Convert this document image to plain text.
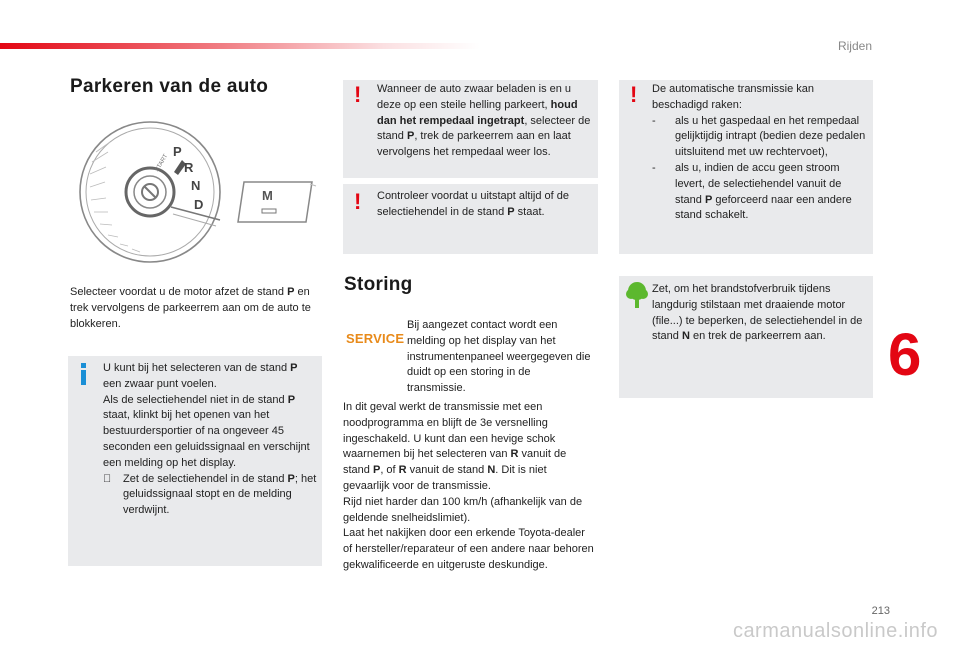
Rijden
Parkeren van de auto
START
P
R
N
D
M
Selecteer voordat u de motor afzet de stand P en trek vervolgens de parkeerrem aan om de auto te blokkeren.
U kunt bij het selecteren van de stand P een zwaar punt voelen.
Als de selectiehendel niet in de stand P staat, klinkt bij het openen van het bestuurdersportier of na ongeveer 45 seconden een geluidssignaal en verschijnt een melding op het display.
Zet de selectiehendel in de stand P; het geluidssignaal stopt en de melding verdwijnt.
! Wanneer de auto zwaar beladen is en u deze op een steile helling parkeert, houd dan het rempedaal ingetrapt, selecteer de stand P, trek de parkeerrem aan en laat vervolgens het rempedaal weer los.
! Controleer voordat u uitstapt altijd of de selectiehendel in de stand P staat.
Storing
SERVICE
Bij aangezet contact wordt een melding op het display van het instrumentenpaneel weergegeven die duidt op een storing in de transmissie.
In dit geval werkt de transmissie met een noodprogramma en blijft de 3e versnelling ingeschakeld. U kunt dan een hevige schok waarnemen bij het selecteren van R vanuit de stand P, of R vanuit de stand N. Dit is niet gevaarlijk voor de transmissie.
Rijd niet harder dan 100 km/h (afhankelijk van de geldende snelheidslimiet).
Laat het nakijken door een erkende Toyota-dealer of hersteller/reparateur of een andere naar behoren gekwalificeerde en uitgeruste deskundige.
! De automatische transmissie kan beschadigd raken:
-	als u het gaspedaal en het rempedaal gelijktijdig intrapt (bedien deze pedalen uitsluitend met uw rechtervoet),
-	als u, indien de accu geen stroom levert, de selectiehendel vanuit de stand P geforceerd naar een andere stand schakelt.
Zet, om het brandstofverbruik tijdens langdurig stilstaan met draaiende motor (file...) te beperken, de selectiehendel in de stand N en trek de parkeerrem aan.	6
213
carmanualsonline.info
